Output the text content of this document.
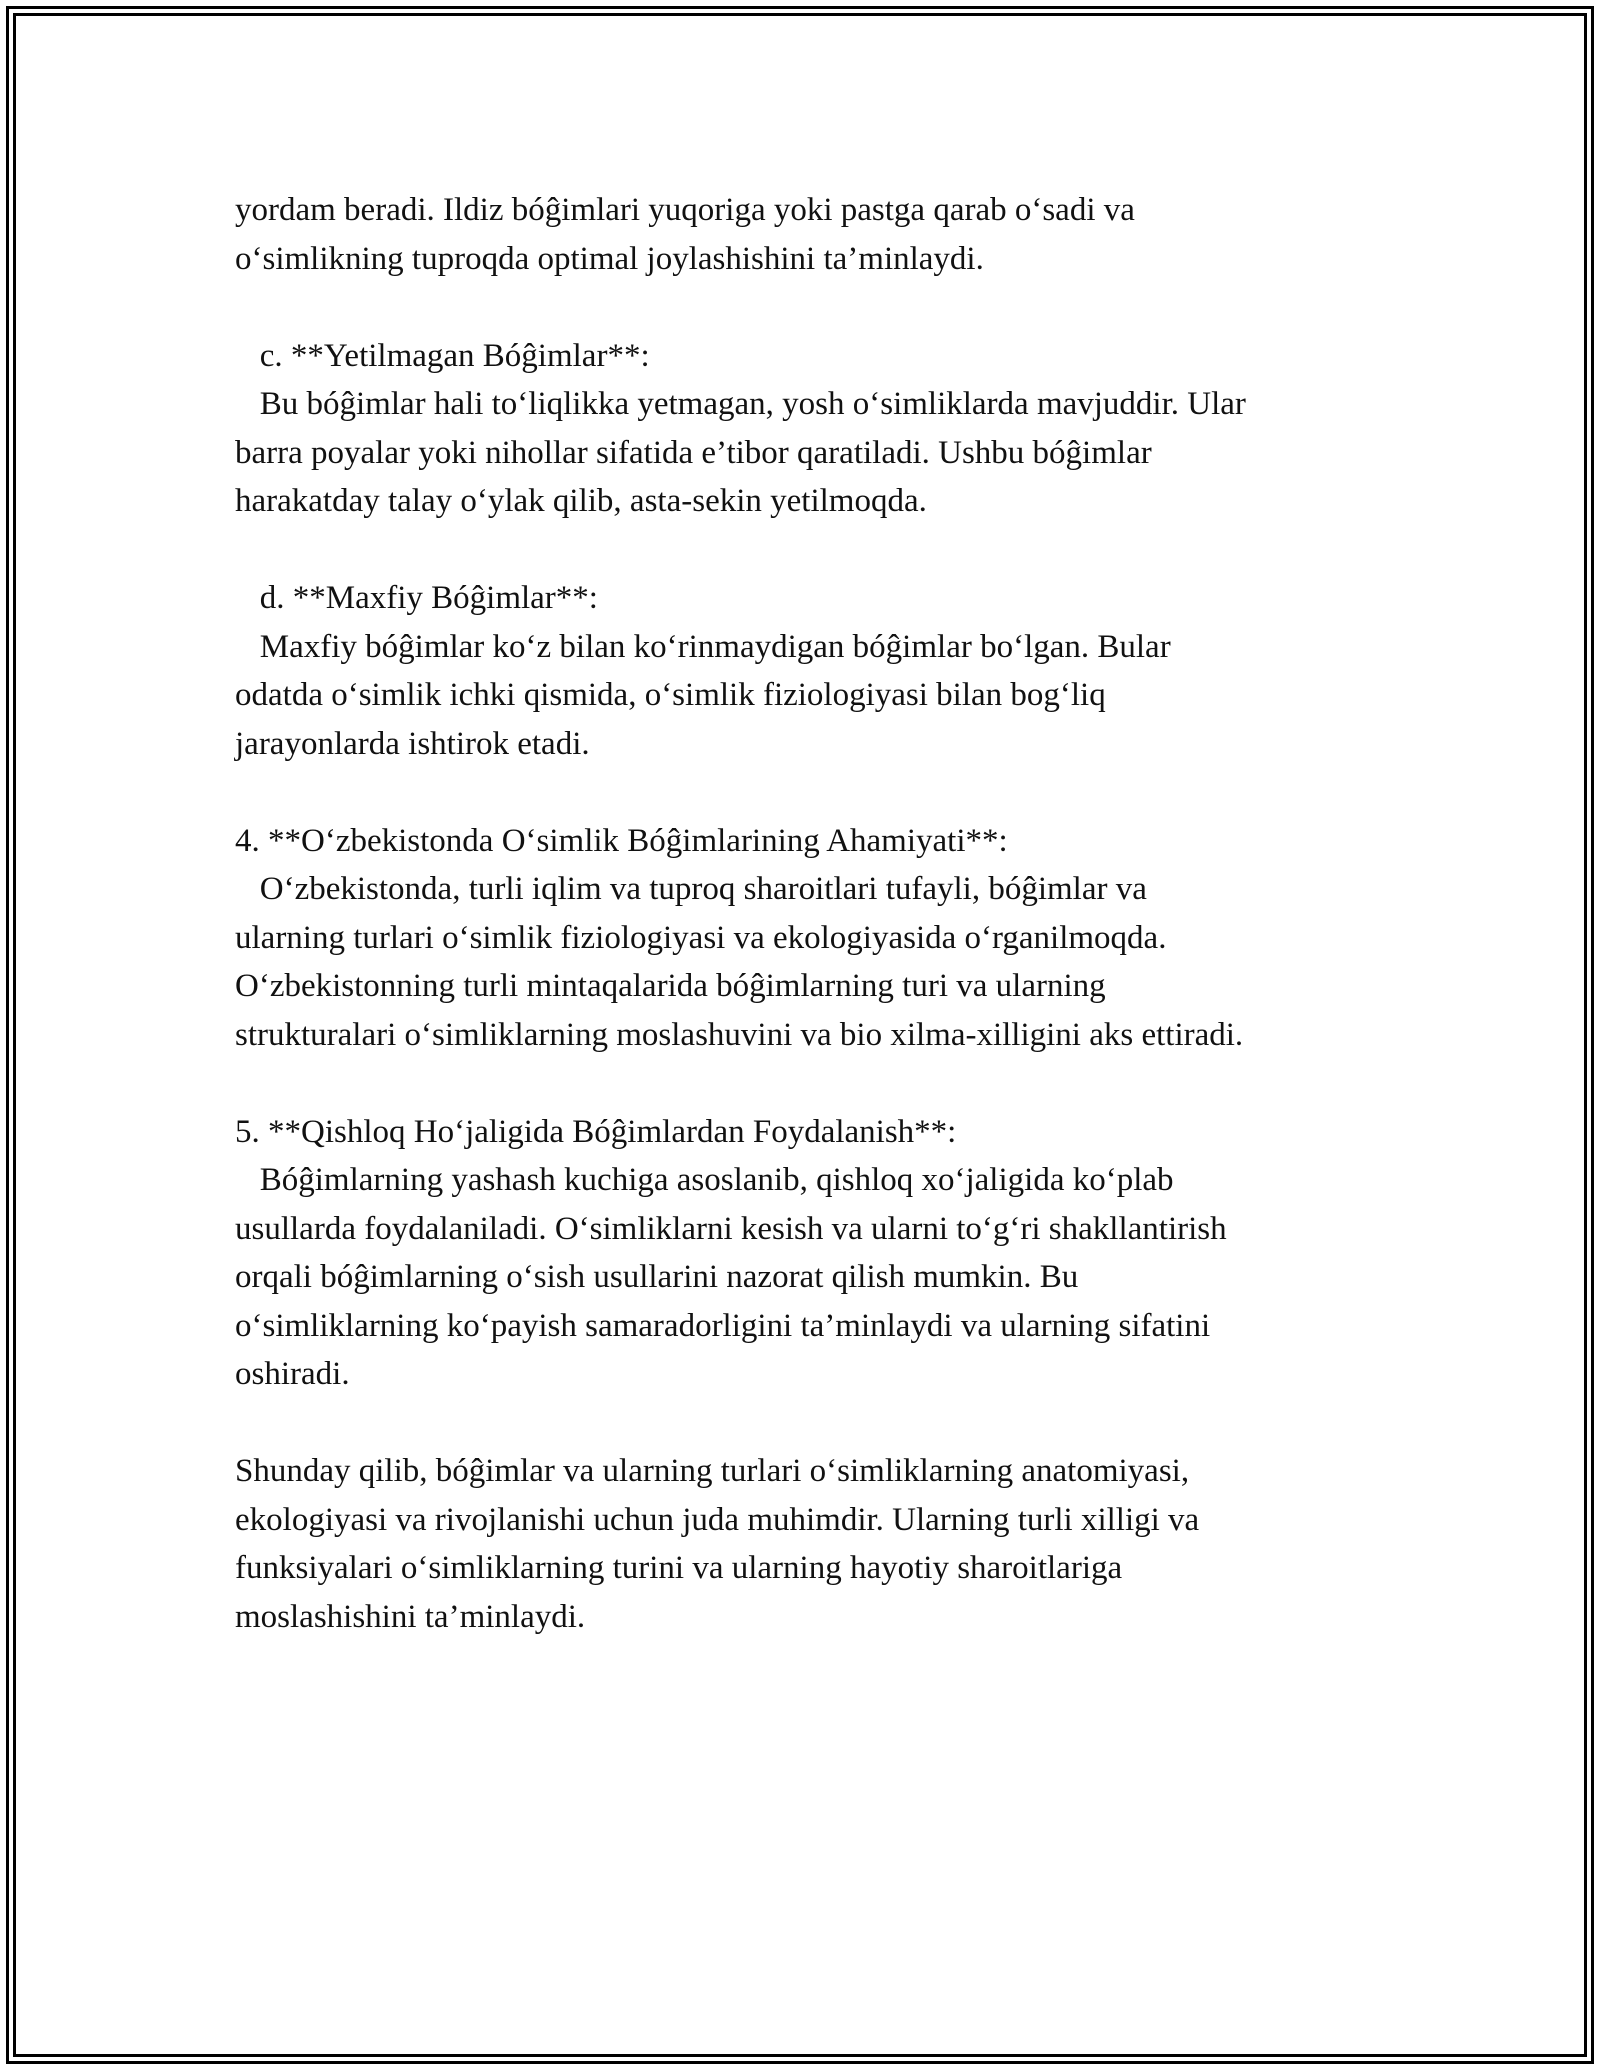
yordam beradi. Ildiz bóĝimlari yuqoriga yoki pastga qarab o‘sadi va
o‘simlikning tuproqda optimal joylashishini ta’minlaydi.
c. **Yetilmagan Bóĝimlar**:
Bu bóĝimlar hali to‘liqlikka yetmagan, yosh o‘simliklarda mavjuddir. Ular
barra poyalar yoki nihollar sifatida e’tibor qaratiladi. Ushbu bóĝimlar
harakatday talay o‘ylak qilib, asta-sekin yetilmoqda.
d. **Maxfiy Bóĝimlar**:
Maxfiy bóĝimlar ko‘z bilan ko‘rinmaydigan bóĝimlar bo‘lgan. Bular
odatda o‘simlik ichki qismida, o‘simlik fiziologiyasi bilan bog‘liq
jarayonlarda ishtirok etadi.
4. **O‘zbekistonda O‘simlik Bóĝimlarining Ahamiyati**:
O‘zbekistonda, turli iqlim va tuproq sharoitlari tufayli, bóĝimlar va
ularning turlari o‘simlik fiziologiyasi va ekologiyasida o‘rganilmoqda.
O‘zbekistonning turli mintaqalarida bóĝimlarning turi va ularning
strukturalari o‘simliklarning moslashuvini va bio xilma-xilligini aks ettiradi.
5. **Qishloq Ho‘jaligida Bóĝimlardan Foydalanish**:
Bóĝimlarning yashash kuchiga asoslanib, qishloq xo‘jaligida ko‘plab
usullarda foydalaniladi. O‘simliklarni kesish va ularni to‘g‘ri shakllantirish
orqali bóĝimlarning o‘sish usullarini nazorat qilish mumkin. Bu
o‘simliklarning ko‘payish samaradorligini ta’minlaydi va ularning sifatini
oshiradi.
Shunday qilib, bóĝimlar va ularning turlari o‘simliklarning anatomiyasi,
ekologiyasi va rivojlanishi uchun juda muhimdir. Ularning turli xilligi va
funksiyalari o‘simliklarning turini va ularning hayotiy sharoitlariga
moslashishini ta’minlaydi.
